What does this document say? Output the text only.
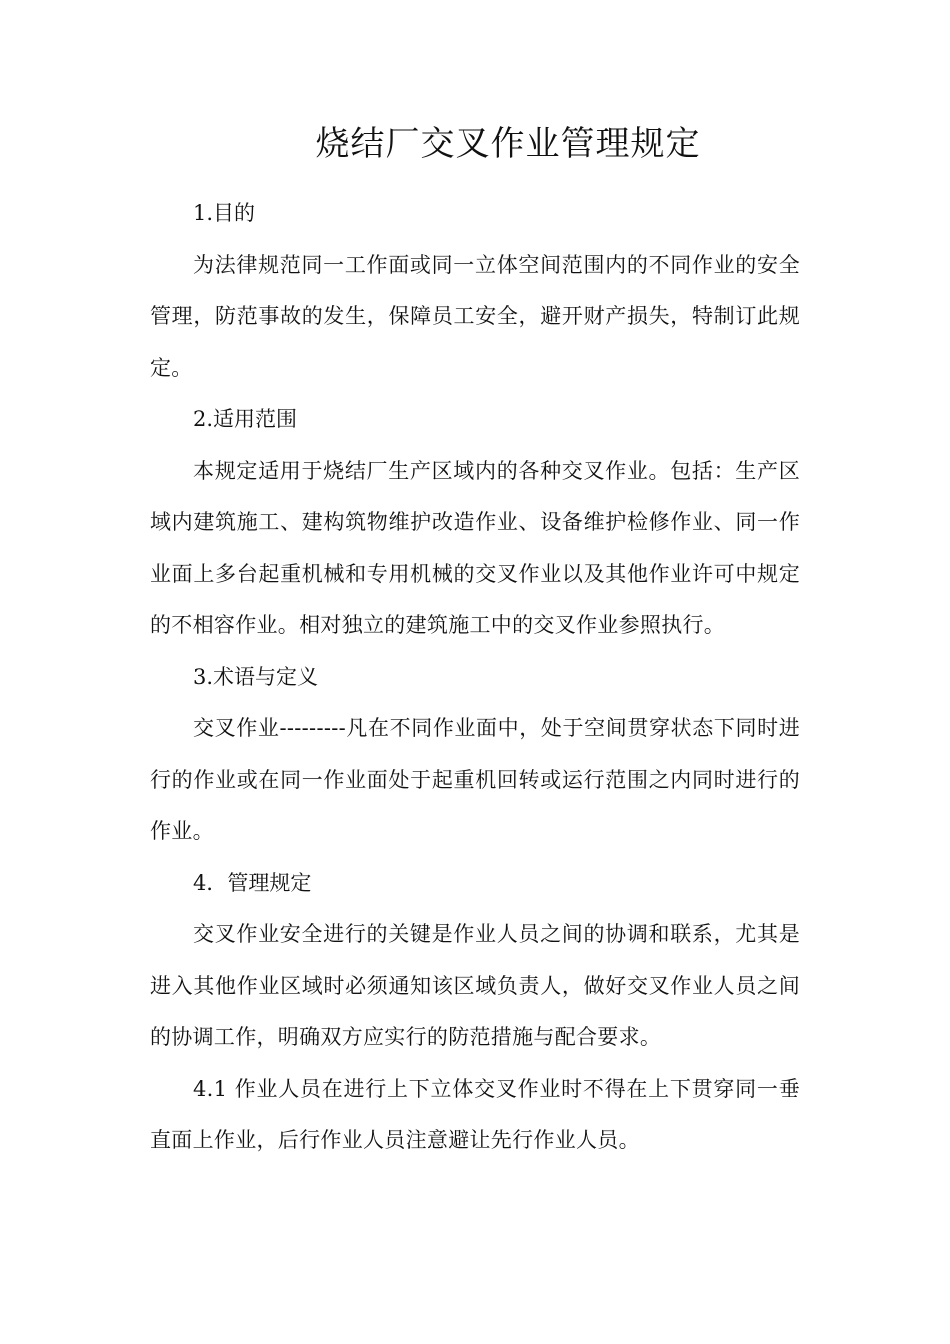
烧结厂交叉作业管理规定

1.目的

为法律规范同一工作面或同一立体空间范围内的不同作业的安全管理，防范事故的发生，保障员工安全，避开财产损失，特制订此规定。

2.适用范围

本规定适用于烧结厂生产区域内的各种交叉作业。包括：生产区域内建筑施工、建构筑物维护改造作业、设备维护检修作业、同一作业面上多台起重机械和专用机械的交叉作业以及其他作业许可中规定的不相容作业。相对独立的建筑施工中的交叉作业参照执行。

3.术语与定义

交叉作业---------凡在不同作业面中，处于空间贯穿状态下同时进行的作业或在同一作业面处于起重机回转或运行范围之内同时进行的作业。

4．管理规定

交叉作业安全进行的关键是作业人员之间的协调和联系，尤其是进入其他作业区域时必须通知该区域负责人，做好交叉作业人员之间的协调工作，明确双方应实行的防范措施与配合要求。

4.1 作业人员在进行上下立体交叉作业时不得在上下贯穿同一垂直面上作业，后行作业人员注意避让先行作业人员。
